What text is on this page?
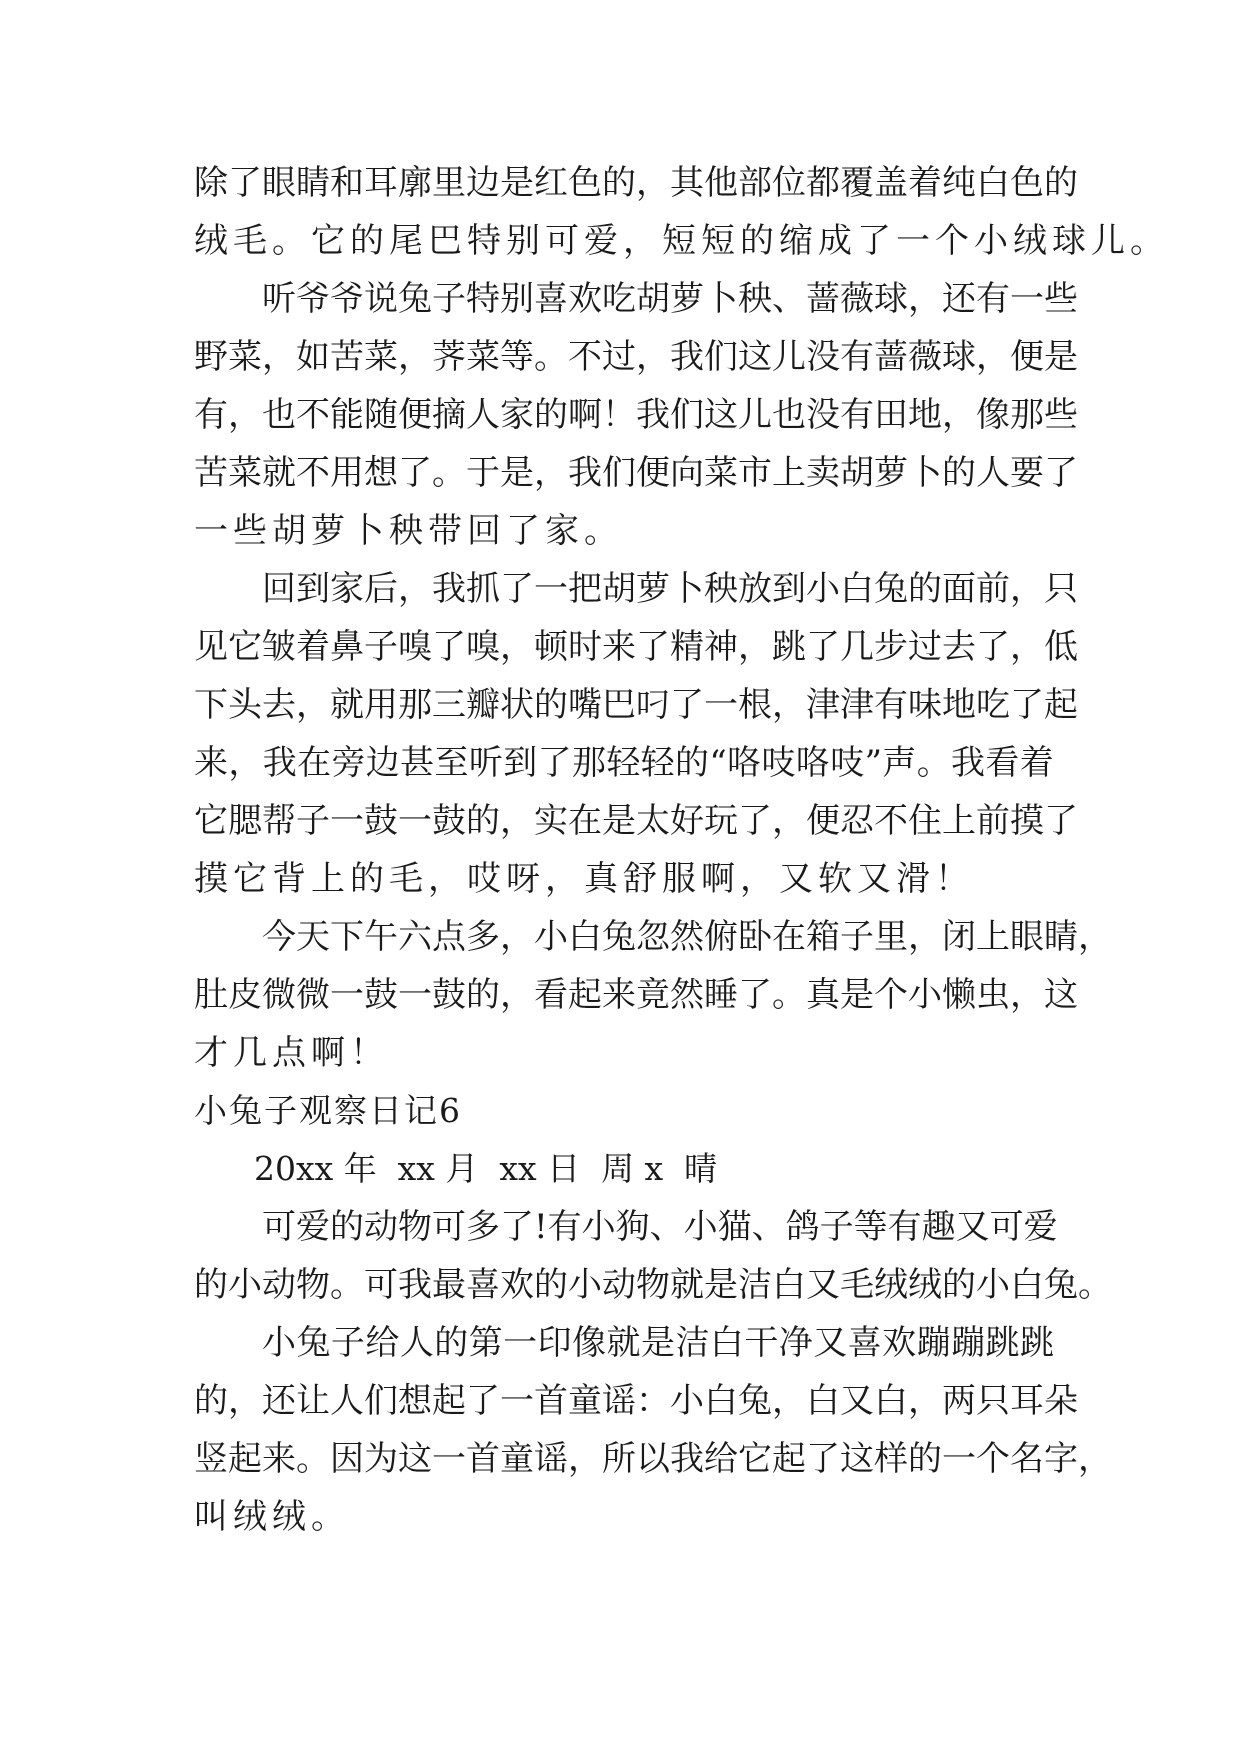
除 了 眼 睛 和 耳 廓 里 边 是 红 色 的 ， 其 他 部 位 都 覆 盖 着 纯 白 色 的
绒毛。它的尾巴特别可爱，短短的缩成了一个小绒球儿。
听 爷 爷 说 兔 子 特 别 喜 欢 吃 胡 萝 卜 秧 、 蔷 薇 球 ， 还 有 一 些
野 菜 ， 如 苦 菜 ， 荠 菜 等 。 不 过 ， 我 们 这 儿 没 有 蔷 薇 球 ， 便 是
有 ， 也 不 能 随 便 摘 人 家 的 啊 ！ 我 们 这 儿 也 没 有 田 地 ， 像 那 些
苦 菜 就 不 用 想 了 。 于 是 ， 我 们 便 向 菜 市 上 卖 胡 萝 卜 的 人 要 了
一些胡萝卜秧带回了家。
回 到 家 后 ， 我 抓 了 一 把 胡 萝 卜 秧 放 到 小 白 兔 的 面 前 ， 只
见 它 皱 着 鼻 子 嗅 了 嗅 ， 顿 时 来 了 精 神 ， 跳 了 几 步 过 去 了 ， 低
下 头 去 ， 就 用 那 三 瓣 状 的 嘴 巴 叼 了 一 根 ， 津 津 有 味 地 吃 了 起
来 ， 我 在 旁 边 甚 至 听 到 了 那 轻 轻 的 “ 咯 吱 咯 吱 ” 声 。 我 看 着
它 腮 帮 子 一 鼓 一 鼓 的 ， 实 在 是 太 好 玩 了 ， 便 忍 不 住 上 前 摸 了
摸它背上的毛，哎呀，真舒服啊，又软又滑！
今 天 下 午 六 点 多 ， 小 白 兔 忽 然 俯 卧 在 箱 子 里 ， 闭 上 眼 睛 ，
肚 皮 微 微 一 鼓 一 鼓 的 ， 看 起 来 竟 然 睡 了 。 真 是 个 小 懒 虫 ， 这
才几点啊！
小兔子观察日记6
20xx 年  xx 月  xx 日  周 x  晴
可 爱 的 动 物 可 多 了 ! 有 小 狗 、 小 猫 、 鸽 子 等 有 趣 又 可 爱
的 小 动 物 。 可 我 最 喜 欢 的 小 动 物 就 是 洁 白 又 毛 绒 绒 的 小 白 兔 。
小 兔 子 给 人 的 第 一 印 像 就 是 洁 白 干 净 又 喜 欢 蹦 蹦 跳 跳
的 ， 还 让 人 们 想 起 了 一 首 童 谣 ： 小 白 兔 ， 白 又 白 ， 两 只 耳 朵
竖 起 来 。 因 为 这 一 首 童 谣 ， 所 以 我 给 它 起 了 这 样 的 一 个 名 字 ，
叫绒绒。
